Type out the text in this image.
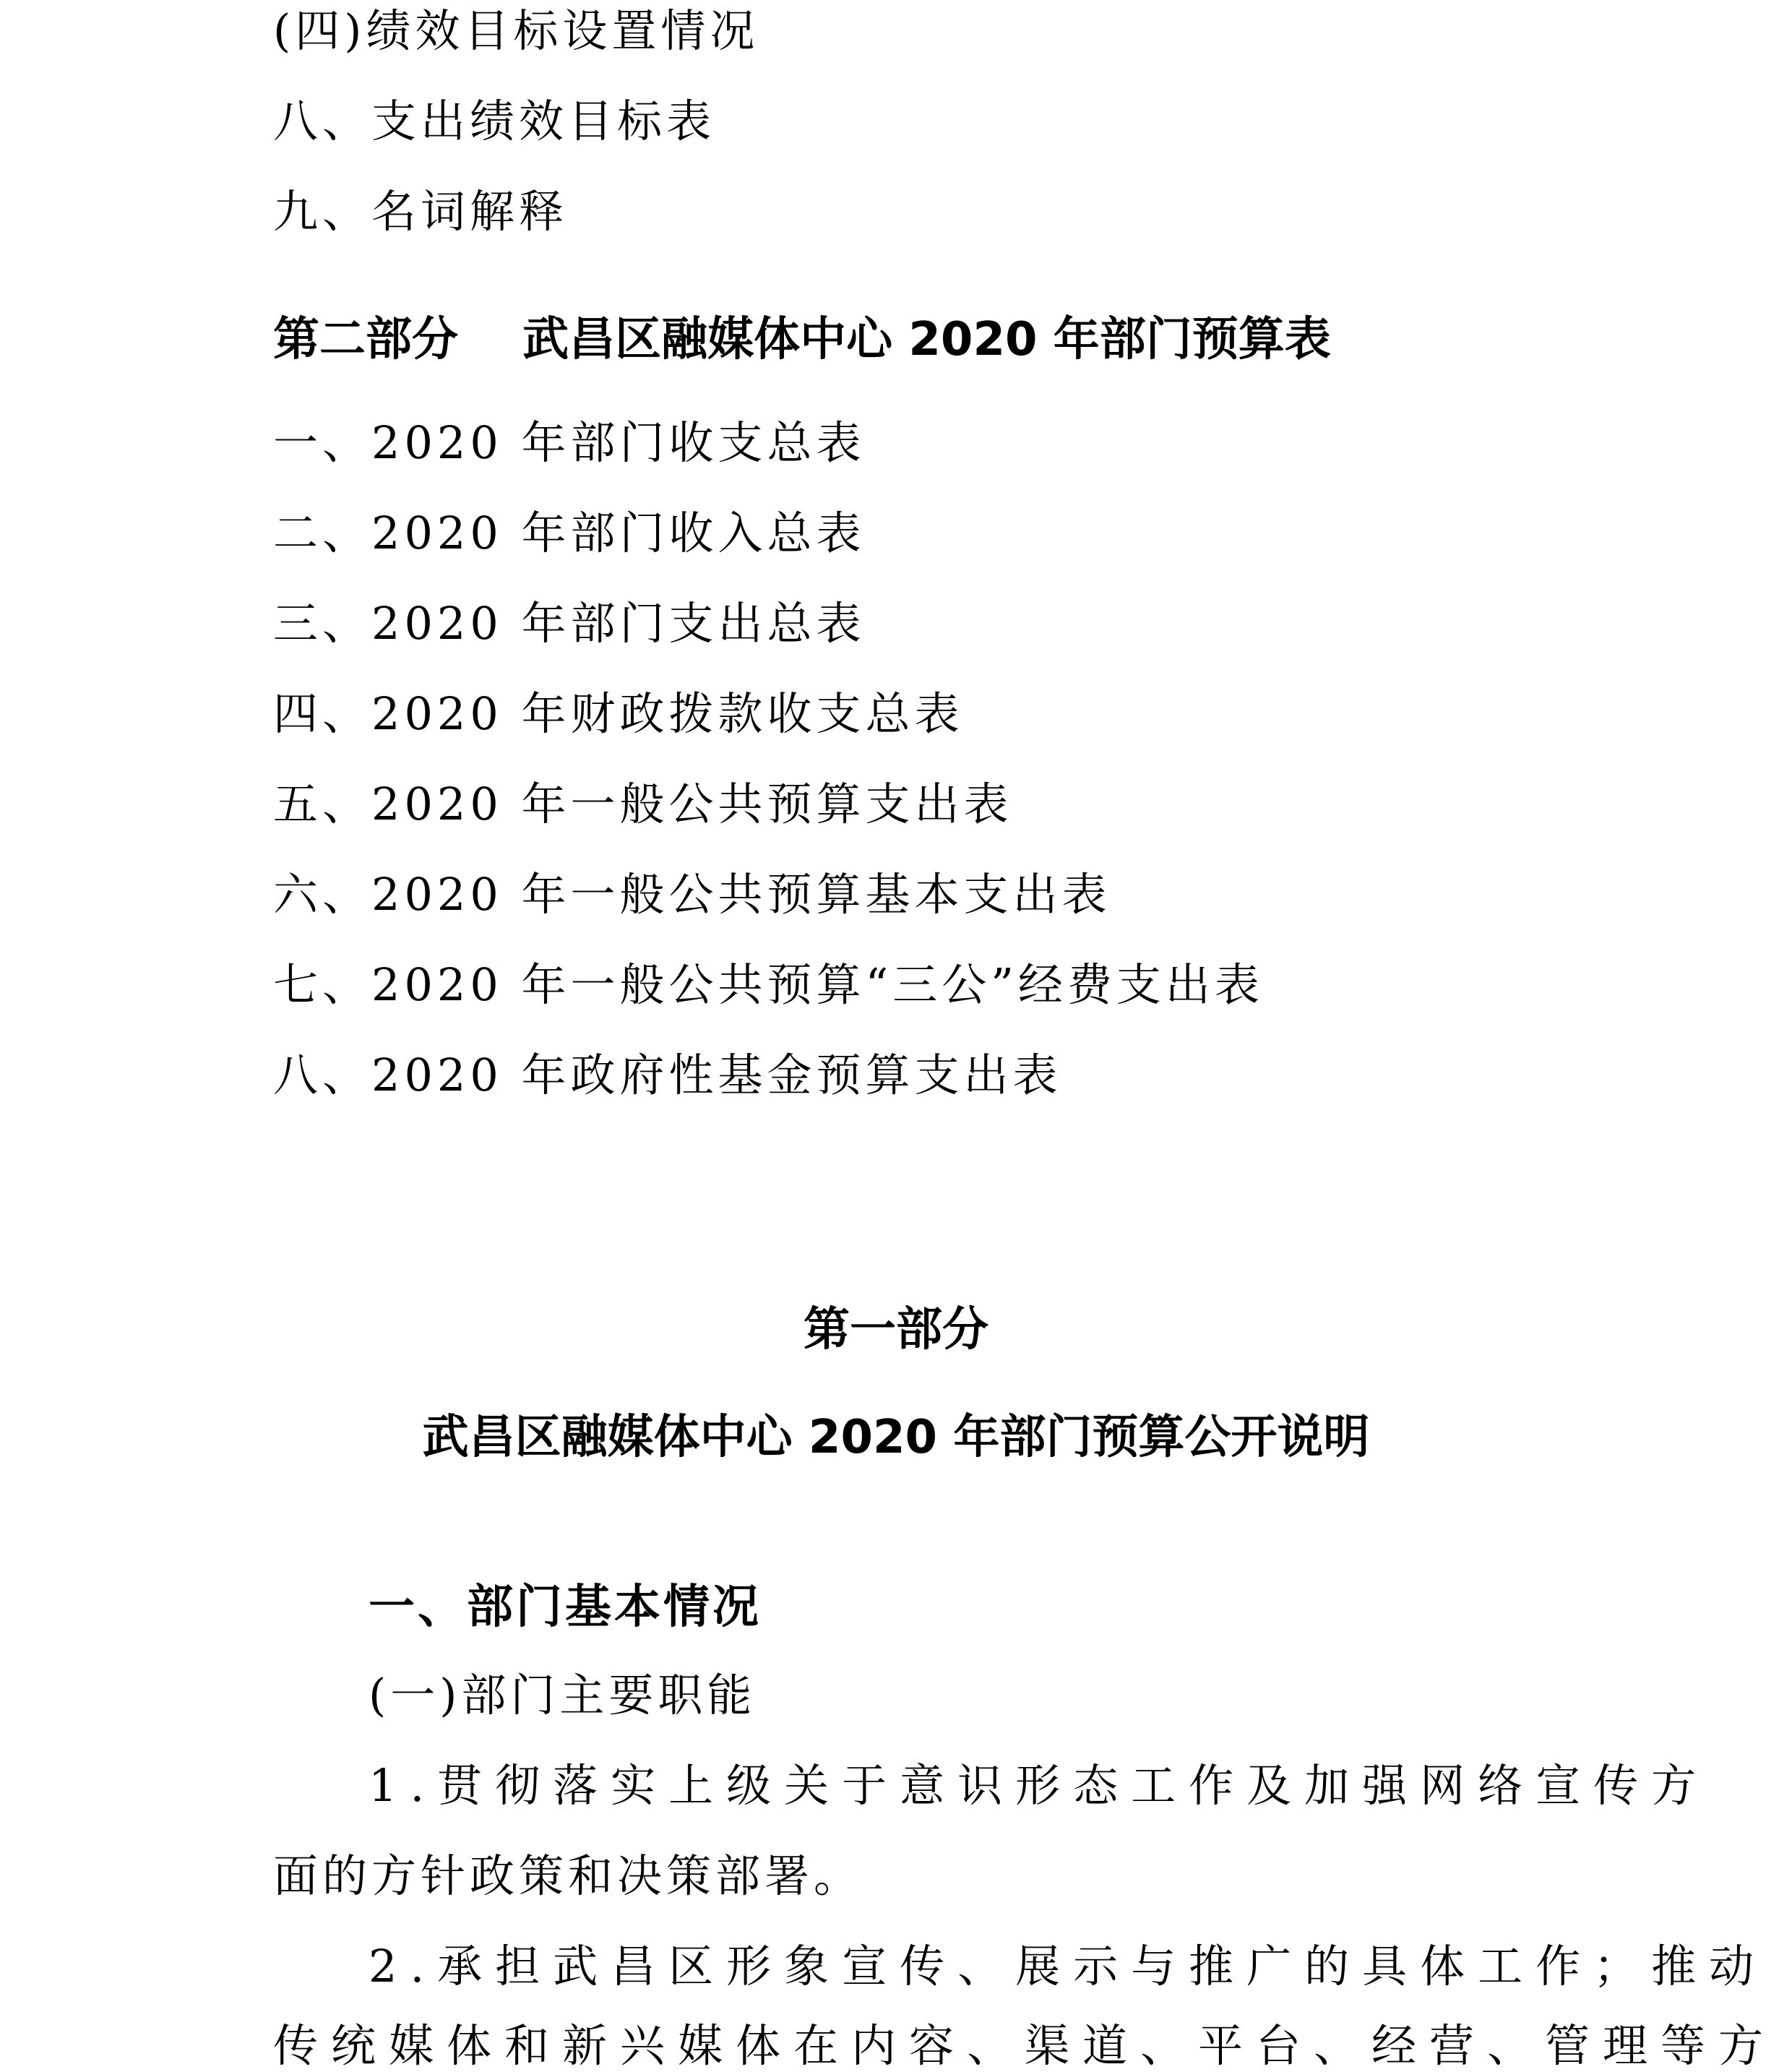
(四)绩效目标设置情况
八、支出绩效目标表
九、名词解释
第二部分    武昌区融媒体中心 2020 年部门预算表
一、2020 年部门收支总表
二、2020 年部门收入总表
三、2020 年部门支出总表
四、2020 年财政拨款收支总表
五、2020 年一般公共预算支出表
六、2020 年一般公共预算基本支出表
七、2020 年一般公共预算“三公”经费支出表
八、2020 年政府性基金预算支出表
第一部分
武昌区融媒体中心 2020 年部门预算公开说明
一、部门基本情况
(一)部门主要职能
1.贯彻落实上级关于意识形态工作及加强网络宣传方
面的方针政策和决策部署。
2.承担武昌区形象宣传、展示与推广的具体工作；推动
传统媒体和新兴媒体在内容、渠道、平台、经营、管理等方
